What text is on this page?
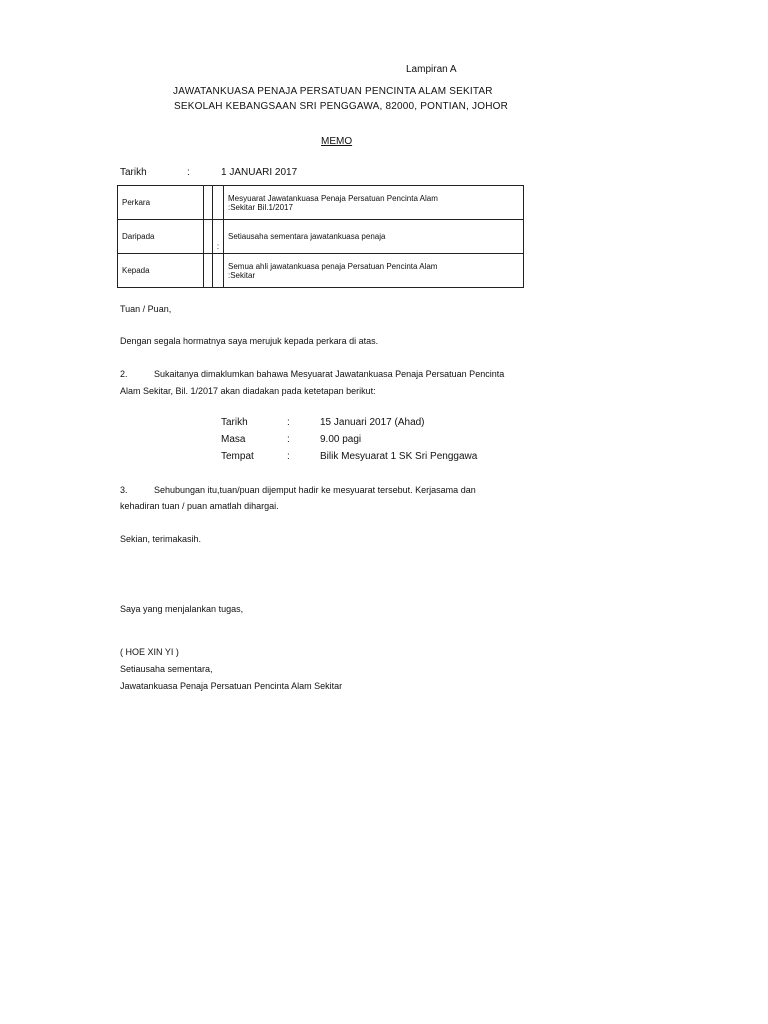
Lampiran A
JAWATANKUASA PENAJA PERSATUAN PENCINTA ALAM SEKITAR
SEKOLAH KEBANGSAAN SRI PENGGAWA, 82000, PONTIAN, JOHOR
MEMO
Tarikh	:	1 JANUARI 2017
Perkara			Mesyuarat Jawatankuasa Penaja Persatuan Pencinta Alam
:Sekitar Bil.1/2017

Daripada		:	Setiausaha sementara jawatankuasa penaja

Kepada			Semua ahli jawatankuasa penaja Persatuan Pencinta Alam
:Sekitar
Tuan / Puan,
Dengan segala hormatnya saya merujuk kepada perkara di atas.
2.	Sukaitanya dimaklumkan bahawa Mesyuarat Jawatankuasa Penaja Persatuan Pencinta
Alam Sekitar, Bil. 1/2017 akan diadakan pada ketetapan berikut:
Tarikh	:	15 Januari 2017 (Ahad)
Masa	:	9.00 pagi
Tempat	:	Bilik Mesyuarat 1 SK Sri Penggawa
3.	Sehubungan itu,tuan/puan dijemput hadir ke mesyuarat tersebut. Kerjasama dan
kehadiran tuan / puan amatlah dihargai.
Sekian, terimakasih.
Saya yang menjalankan tugas,
( HOE XIN YI )
Setiausaha sementara,
Jawatankuasa Penaja Persatuan Pencinta Alam Sekitar
